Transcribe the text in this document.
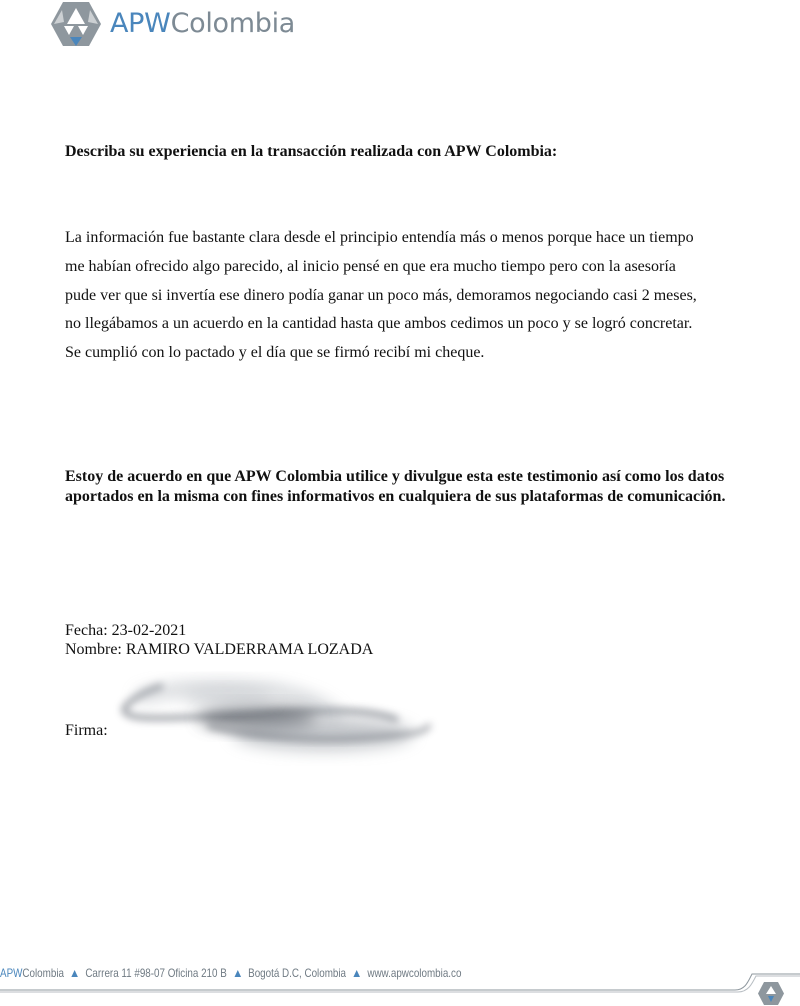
APWColombia
Describa su experiencia en la transacción realizada con APW Colombia:

La información fue bastante clara desde el principio entendía más o menos porque hace un tiempo

me habían ofrecido algo parecido, al inicio pensé en que era mucho tiempo pero con la asesoría

pude ver que si invertía ese dinero podía ganar un poco más, demoramos negociando casi 2 meses,

no llegábamos a un acuerdo en la cantidad hasta que ambos cedimos un poco y se logró concretar.

Se cumplió con lo pactado y el día que se firmó recibí mi cheque.

Estoy de acuerdo en que APW Colombia utilice y divulgue esta este testimonio así como los datos aportados en la misma con fines informativos en cualquiera de sus plataformas de comunicación.
Fecha: 23-02-2021
Nombre: RAMIRO VALDERRAMA LOZADA
Firma:
APW Colombia Carrera 11 #98-07 Oficina 210 B Bogotá D.C, Colombia www.apwcolombia.co
